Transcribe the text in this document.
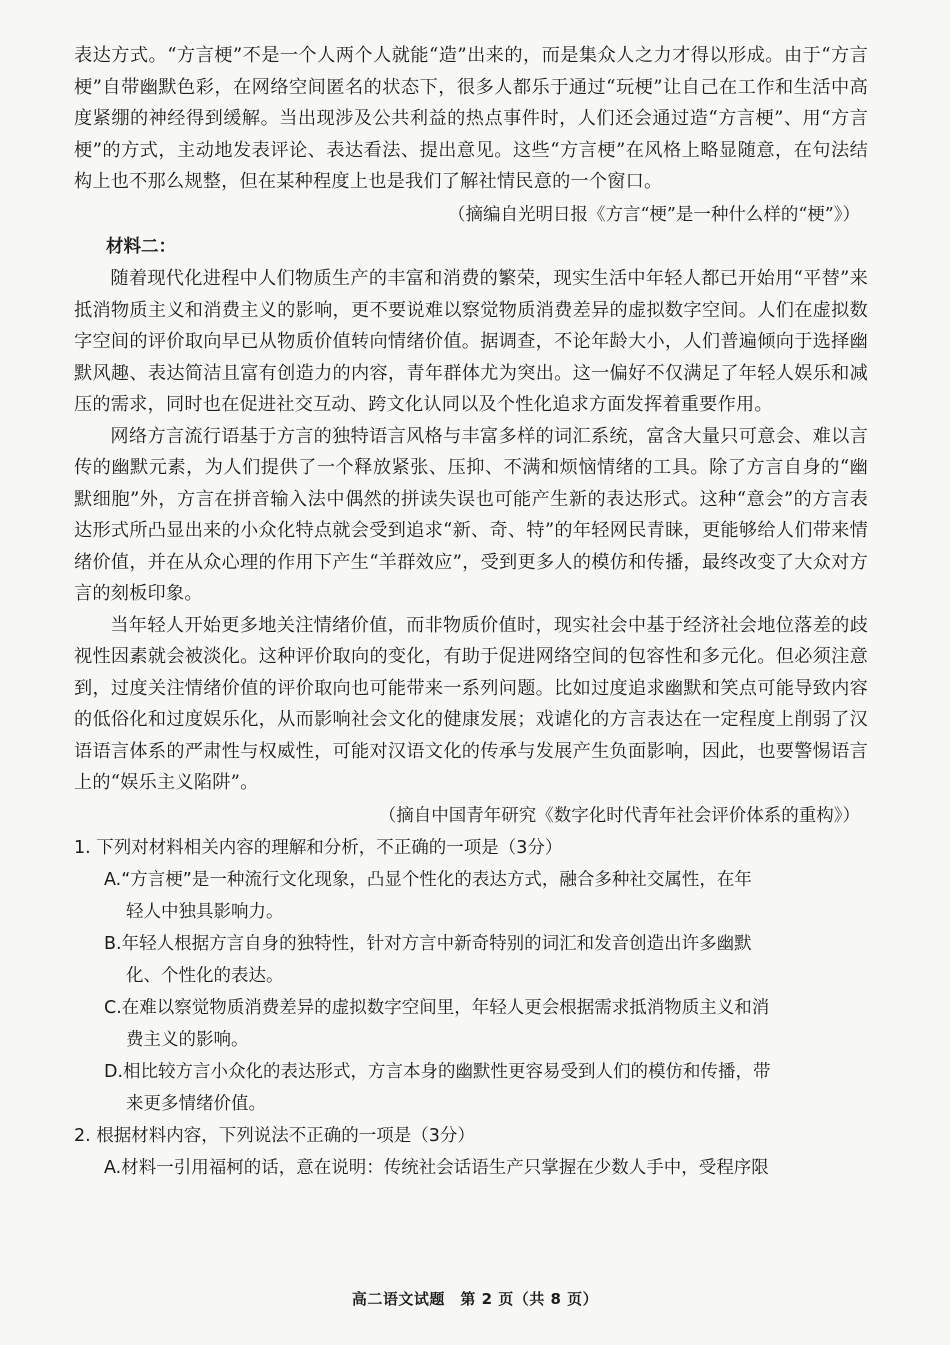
表达方式。“方言梗”不是一个人两个人就能“造”出来的，而是集众人之力才得以形成。由于“方言梗”自带幽默色彩，在网络空间匿名的状态下，很多人都乐于通过“玩梗”让自己在工作和生活中高度紧绷的神经得到缓解。当出现涉及公共利益的热点事件时，人们还会通过造“方言梗”、用“方言梗”的方式，主动地发表评论、表达看法、提出意见。这些“方言梗”在风格上略显随意，在句法结构上也不那么规整，但在某种程度上也是我们了解社情民意的一个窗口。

（摘编自光明日报《方言“梗”是一种什么样的“梗”》）

材料二：

随着现代化进程中人们物质生产的丰富和消费的繁荣，现实生活中年轻人都已开始用“平替”来抵消物质主义和消费主义的影响，更不要说难以察觉物质消费差异的虚拟数字空间。人们在虚拟数字空间的评价取向早已从物质价值转向情绪价值。据调查，不论年龄大小，人们普遍倾向于选择幽默风趣、表达简洁且富有创造力的内容，青年群体尤为突出。这一偏好不仅满足了年轻人娱乐和减压的需求，同时也在促进社交互动、跨文化认同以及个性化追求方面发挥着重要作用。

网络方言流行语基于方言的独特语言风格与丰富多样的词汇系统，富含大量只可意会、难以言传的幽默元素，为人们提供了一个释放紧张、压抑、不满和烦恼情绪的工具。除了方言自身的“幽默细胞”外，方言在拼音输入法中偶然的拼读失误也可能产生新的表达形式。这种“意会”的方言表达形式所凸显出来的小众化特点就会受到追求“新、奇、特”的年轻网民青睐，更能够给人们带来情绪价值，并在从众心理的作用下产生“羊群效应”，受到更多人的模仿和传播，最终改变了大众对方言的刻板印象。

当年轻人开始更多地关注情绪价值，而非物质价值时，现实社会中基于经济社会地位落差的歧视性因素就会被淡化。这种评价取向的变化，有助于促进网络空间的包容性和多元化。但必须注意到，过度关注情绪价值的评价取向也可能带来一系列问题。比如过度追求幽默和笑点可能导致内容的低俗化和过度娱乐化，从而影响社会文化的健康发展；戏谑化的方言表达在一定程度上削弱了汉语语言体系的严肃性与权威性，可能对汉语文化的传承与发展产生负面影响，因此，也要警惕语言上的“娱乐主义陷阱”。

（摘自中国青年研究《数字化时代青年社会评价体系的重构》）

1. 下列对材料相关内容的理解和分析，不正确的一项是（3分）

A.“方言梗”是一种流行文化现象，凸显个性化的表达方式，融合多种社交属性，在年
轻人中独具影响力。
B.年轻人根据方言自身的独特性，针对方言中新奇特别的词汇和发音创造出许多幽默
化、个性化的表达。
C.在难以察觉物质消费差异的虚拟数字空间里，年轻人更会根据需求抵消物质主义和消
费主义的影响。
D.相比较方言小众化的表达形式，方言本身的幽默性更容易受到人们的模仿和传播，带
来更多情绪价值。

2. 根据材料内容，下列说法不正确的一项是（3分）

A.材料一引用福柯的话，意在说明：传统社会话语生产只掌握在少数人手中，受程序限
高二语文试题　第 2 页（共 8 页）
